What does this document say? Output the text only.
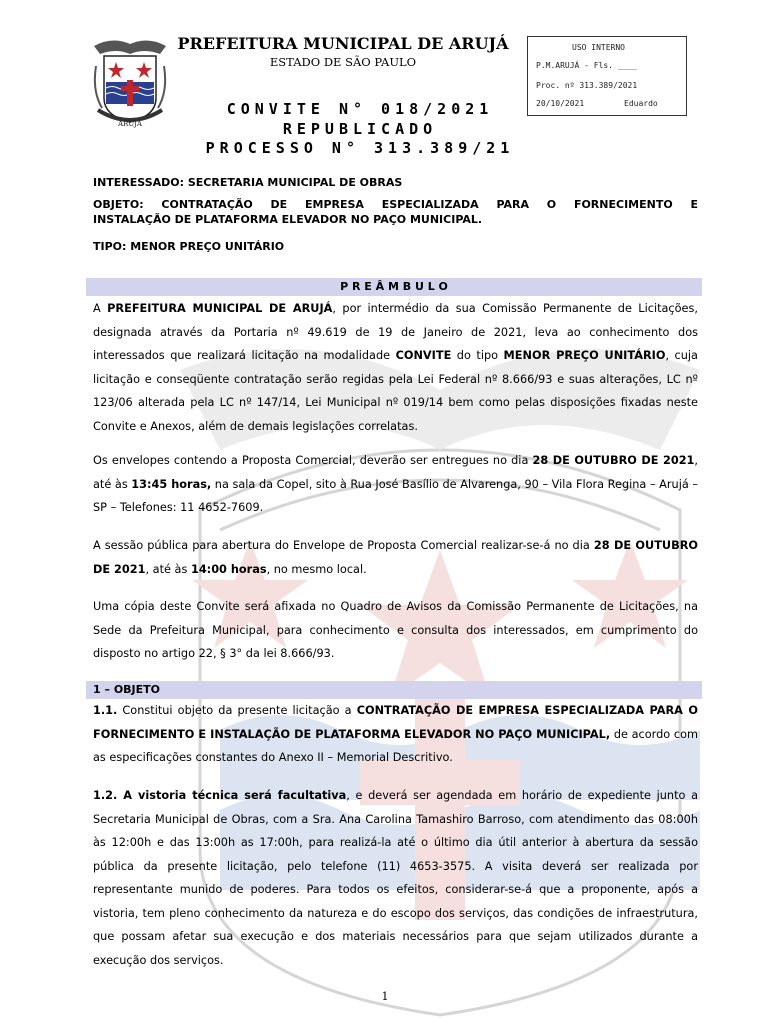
ARUJÁ
PREFEITURA MUNICIPAL DE ARUJÁ
ESTADO DE SÃO PAULO
CONVITE N° 018/2021
REPUBLICADO
PROCESSO N° 313.389/21
USO INTERNO
P.M.ARUJÁ - Fls. ____
Proc. nº 313.389/2021
20/10/2021	Eduardo
INTERESSADO: SECRETARIA MUNICIPAL DE OBRAS
OBJETO: CONTRATAÇÃO DE EMPRESA ESPECIALIZADA PARA O FORNECIMENTO E
INSTALAÇÃO DE PLATAFORMA ELEVADOR NO PAÇO MUNICIPAL.
TIPO: MENOR PREÇO UNITÁRIO
P R E Â M B U L O
A PREFEITURA MUNICIPAL DE ARUJÁ, por intermédio da sua Comissão Permanente de Licitações, designada através da Portaria nº 49.619 de 19 de Janeiro de 2021, leva ao conhecimento dos interessados que realizará licitação na modalidade CONVITE do tipo MENOR PREÇO UNITÁRIO, cuja licitação e conseqüente contratação serão regidas pela Lei Federal nº 8.666/93 e suas alterações, LC nº 123/06 alterada pela LC nº 147/14, Lei Municipal nº 019/14 bem como pelas disposições fixadas neste Convite e Anexos, além de demais legislações correlatas.
Os envelopes contendo a Proposta Comercial, deverão ser entregues no dia 28 DE OUTUBRO DE 2021, até às 13:45 horas, na sala da Copel, sito à Rua José Basílio de Alvarenga, 90 – Vila Flora Regina – Arujá – SP – Telefones: 11 4652-7609.
A sessão pública para abertura do Envelope de Proposta Comercial realizar-se-á no dia 28 DE OUTUBRO DE 2021, até às 14:00 horas, no mesmo local.
Uma cópia deste Convite será afixada no Quadro de Avisos da Comissão Permanente de Licitações, na Sede da Prefeitura Municipal, para conhecimento e consulta dos interessados, em cumprimento do disposto no artigo 22, § 3° da lei 8.666/93.
1 – OBJETO
1.1. Constitui objeto da presente licitação a CONTRATAÇÃO DE EMPRESA ESPECIALIZADA PARA O FORNECIMENTO E INSTALAÇÃO DE PLATAFORMA ELEVADOR NO PAÇO MUNICIPAL, de acordo com as especificações constantes do Anexo II – Memorial Descritivo.
1.2. A vistoria técnica será facultativa, e deverá ser agendada em horário de expediente junto a Secretaria Municipal de Obras, com a Sra. Ana Carolina Tamashiro Barroso, com atendimento das 08:00h às 12:00h e das 13:00h as 17:00h, para realizá-la até o último dia útil anterior à abertura da sessão pública da presente licitação, pelo telefone (11) 4653-3575. A visita deverá ser realizada por representante munido de poderes. Para todos os efeitos, considerar-se-á que a proponente, após a vistoria, tem pleno conhecimento da natureza e do escopo dos serviços, das condições de infraestrutura, que possam afetar sua execução e dos materiais necessários para que sejam utilizados durante a execução dos serviços.
1
